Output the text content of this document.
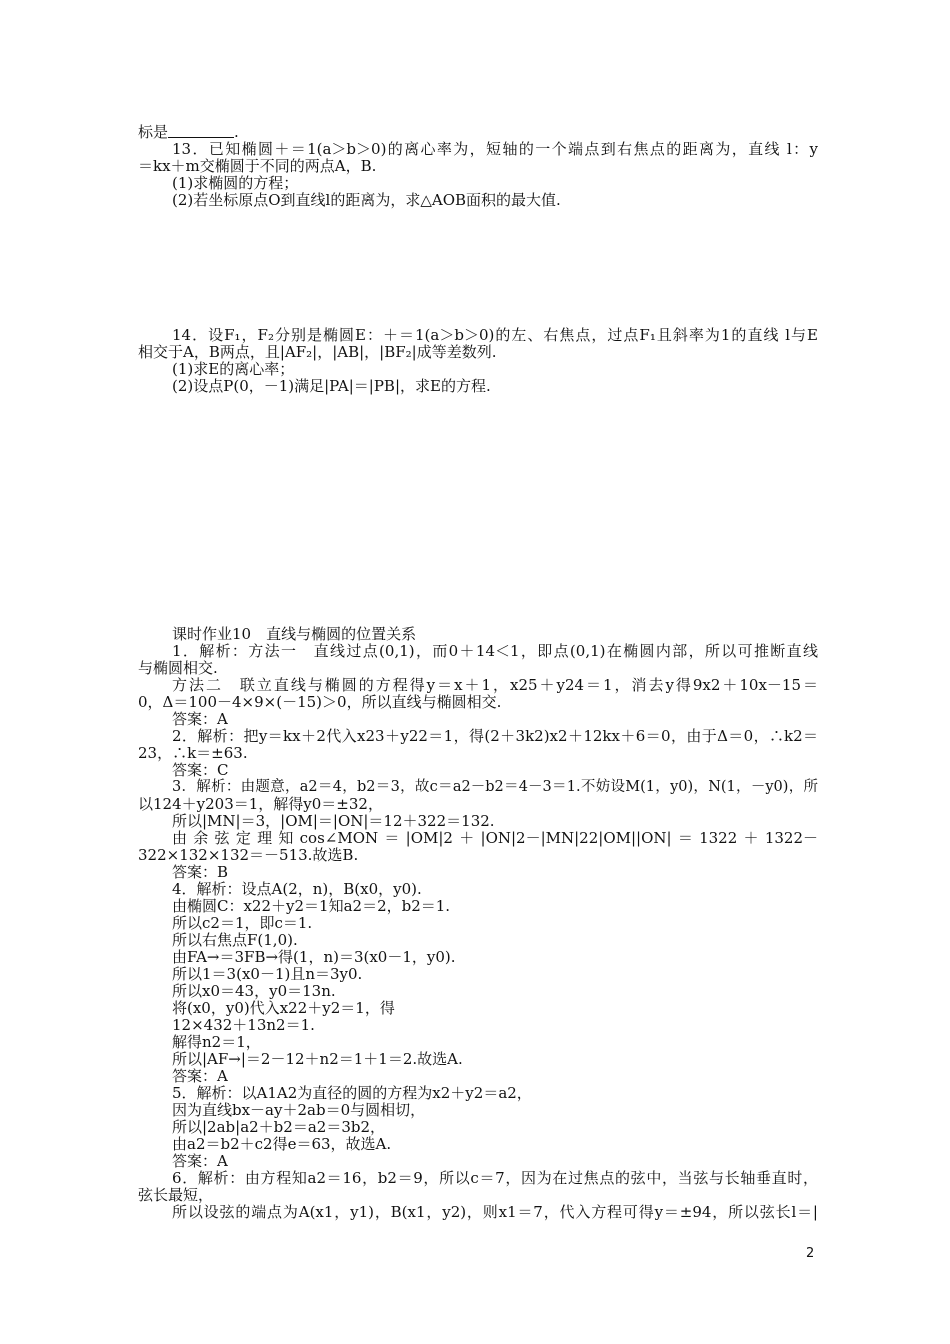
标是	.
13．已知椭圆＋＝1(a＞b＞0)的离心率为，短轴的一个端点到右焦点的距离为，直线 l：y
＝kx＋m交椭圆于不同的两点A，B.
(1)求椭圆的方程；
(2)若坐标原点O到直线l的距离为，求△AOB面积的最大值.
14．设F₁，F₂分别是椭圆E：＋＝1(a＞b＞0)的左、右焦点，过点F₁且斜率为1的直线 l与E
相交于A，B两点，且|AF₂|，|AB|，|BF₂|成等差数列.
(1)求E的离心率；
(2)设点P(0，－1)满足|PA|＝|PB|，求E的方程.
课时作业10　直线与椭圆的位置关系
1．解析：方法一　直线过点(0,1)，而0＋14＜1，即点(0,1)在椭圆内部，所以可推断直线
与椭圆相交.
方法二　联立直线与椭圆的方程得y＝x＋1，x25＋y24＝1，消去y得9x2＋10x－15＝
0，Δ＝100－4×9×(－15)＞0，所以直线与椭圆相交.
答案：A
2．解析：把y＝kx＋2代入x23＋y22＝1，得(2＋3k2)x2＋12kx＋6＝0，由于Δ＝0，∴k2＝
23，∴k＝±63.
答案：C
3．解析：由题意，a2＝4，b2＝3，故c＝a2－b2＝4－3＝1.不妨设M(1，y0)，N(1，－y0)，所
以124＋y203＝1，解得y0＝±32，
所以|MN|＝3，|OM|＝|ON|＝12＋322＝132.
由余弦定理知cos∠MON＝|OM|2＋|ON|2－|MN|22|OM||ON|＝1322＋1322－
322×132×132＝－513.故选B.
答案：B
4．解析：设点A(2，n)，B(x0，y0).
由椭圆C：x22＋y2＝1知a2＝2，b2＝1.
所以c2＝1，即c＝1.
所以右焦点F(1,0).
由FA→＝3FB→得(1，n)＝3(x0－1，y0).
所以1＝3(x0－1)且n＝3y0.
所以x0＝43，y0＝13n.
将(x0，y0)代入x22＋y2＝1，得
12×432＋13n2＝1.
解得n2＝1，
所以|AF→|＝2－12＋n2＝1＋1＝2.故选A.
答案：A
5．解析：以A1A2为直径的圆的方程为x2＋y2＝a2，
因为直线bx－ay＋2ab＝0与圆相切，
所以|2ab|a2＋b2＝a2＝3b2，
由a2＝b2＋c2得e＝63，故选A.
答案：A
6．解析：由方程知a2＝16，b2＝9，所以c＝7，因为在过焦点的弦中，当弦与长轴垂直时，
弦长最短，
所以设弦的端点为A(x1，y1)，B(x1，y2)，则x1＝7，代入方程可得y＝±94，所以弦长l＝|
2
